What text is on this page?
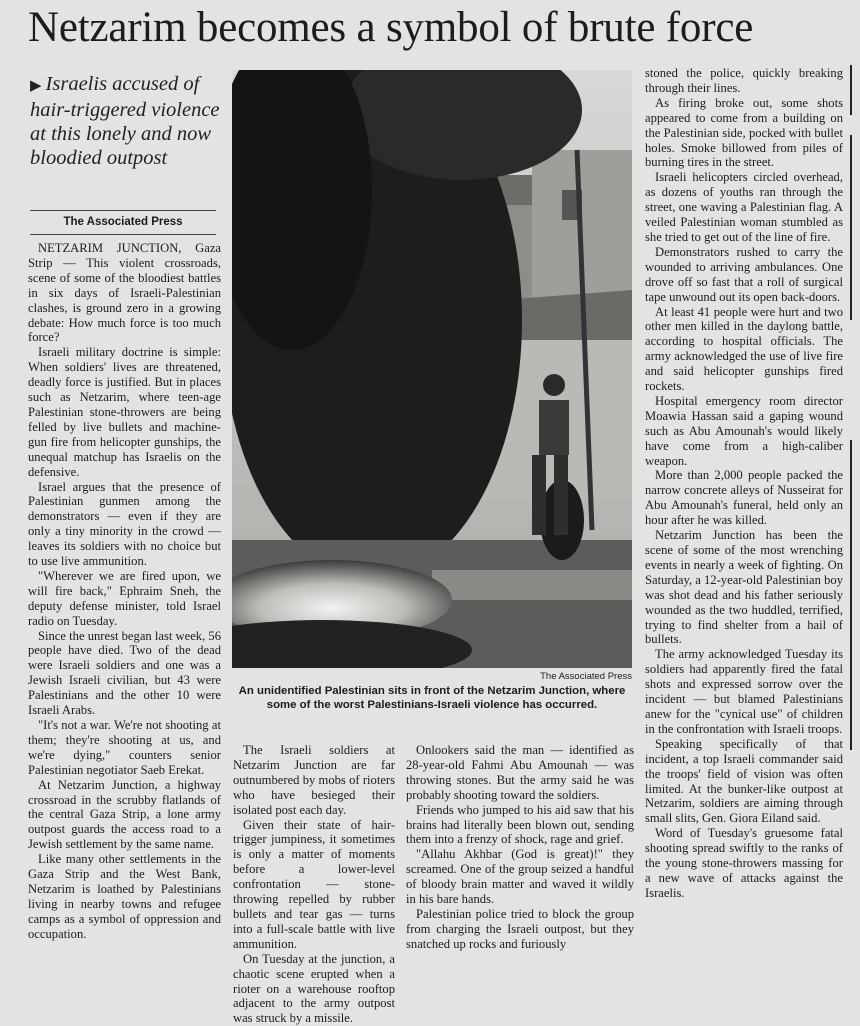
Netzarim becomes a symbol of brute force
▶ Israelis accused of hair-triggered violence at this lonely and now bloodied outpost
The Associated Press

NETZARIM JUNCTION, Gaza Strip — This violent crossroads, scene of some of the bloodiest battles in six days of Israeli-Palestinian clashes, is ground zero in a growing debate: How much force is too much force?

Israeli military doctrine is simple: When soldiers' lives are threatened, deadly force is justified. But in places such as Netzarim, where teen-age Palestinian stone-throwers are being felled by live bullets and machine-gun fire from helicopter gunships, the unequal matchup has Israelis on the defensive.

Israel argues that the presence of Palestinian gunmen among the demonstrators — even if they are only a tiny minority in the crowd — leaves its soldiers with no choice but to use live ammunition.

"Wherever we are fired upon, we will fire back," Ephraim Sneh, the deputy defense minister, told Israel radio on Tuesday.

Since the unrest began last week, 56 people have died. Two of the dead were Israeli soldiers and one was a Jewish Israeli civilian, but 43 were Palestinians and the other 10 were Israeli Arabs.

"It's not a war. We're not shooting at them; they're shooting at us, and we're dying," counters senior Palestinian negotiator Saeb Erekat.

At Netzarim Junction, a highway crossroad in the scrubby flatlands of the central Gaza Strip, a lone army outpost guards the access road to a Jewish settlement by the same name.

Like many other settlements in the Gaza Strip and the West Bank, Netzarim is loathed by Palestinians living in nearby towns and refugee camps as a symbol of oppression and occupation.

The Associated Press
An unidentified Palestinian sits in front of the Netzarim Junction, where some of the worst Palestinians-Israeli violence has occurred.

The Israeli soldiers at Netzarim Junction are far outnumbered by mobs of rioters who have besieged their isolated post each day.

Given their state of hair-trigger jumpiness, it sometimes is only a matter of moments before a lower-level confrontation — stone-throwing repelled by rubber bullets and tear gas — turns into a full-scale battle with live ammunition.

On Tuesday at the junction, a chaotic scene erupted when a rioter on a warehouse rooftop adjacent to the army outpost was struck by a missile.

Onlookers said the man — identified as 28-year-old Fahmi Abu Amounah — was throwing stones. But the army said he was probably shooting toward the soldiers.

Friends who jumped to his aid saw that his brains had literally been blown out, sending them into a frenzy of shock, rage and grief.

"Allahu Akhbar (God is great)!" they screamed. One of the group seized a handful of bloody brain matter and waved it wildly in his bare hands.

Palestinian police tried to block the group from charging the Israeli outpost, but they snatched up rocks and furiously

stoned the police, quickly breaking through their lines.

As firing broke out, some shots appeared to come from a building on the Palestinian side, pocked with bullet holes. Smoke billowed from piles of burning tires in the street.

Israeli helicopters circled overhead, as dozens of youths ran through the street, one waving a Palestinian flag. A veiled Palestinian woman stumbled as she tried to get out of the line of fire.

Demonstrators rushed to carry the wounded to arriving ambulances. One drove off so fast that a roll of surgical tape unwound out its open back-doors.

At least 41 people were hurt and two other men killed in the daylong battle, according to hospital officials. The army acknowledged the use of live fire and said helicopter gunships fired rockets.

Hospital emergency room director Moawia Hassan said a gaping wound such as Abu Amounah's would likely have come from a high-caliber weapon.

More than 2,000 people packed the narrow concrete alleys of Nusseirat for Abu Amounah's funeral, held only an hour after he was killed.

Netzarim Junction has been the scene of some of the most wrenching events in nearly a week of fighting. On Saturday, a 12-year-old Palestinian boy was shot dead and his father seriously wounded as the two huddled, terrified, trying to find shelter from a hail of bullets.

The army acknowledged Tuesday its soldiers had apparently fired the fatal shots and expressed sorrow over the incident — but blamed Palestinians anew for the "cynical use" of children in the confrontation with Israeli troops.

Speaking specifically of that incident, a top Israeli commander said the troops' field of vision was often limited. At the bunker-like outpost at Netzarim, soldiers are aiming through small slits, Gen. Giora Eiland said.

Word of Tuesday's gruesome fatal shooting spread swiftly to the ranks of the young stone-throwers massing for a new wave of attacks against the Israelis.
